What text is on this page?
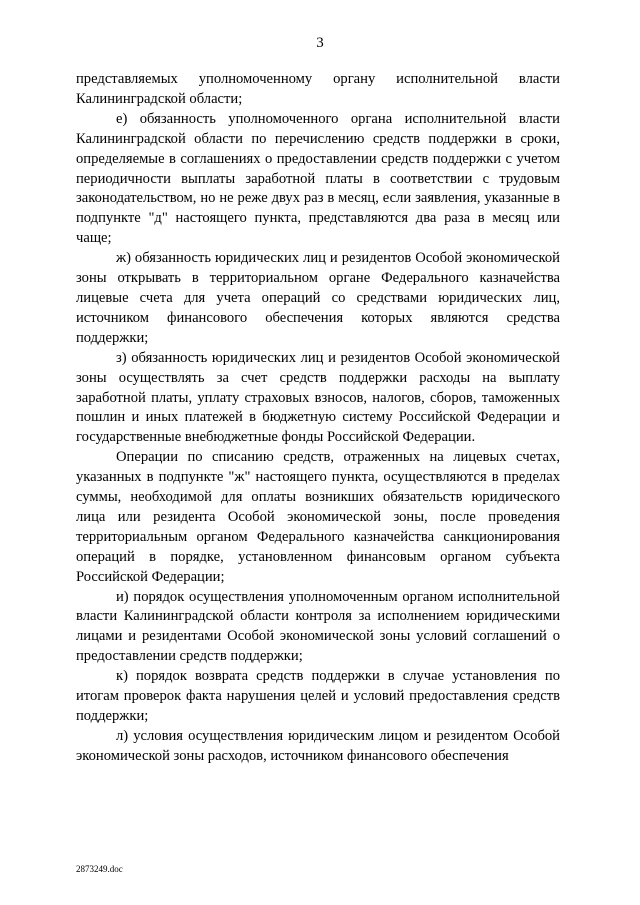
3

представляемых уполномоченному органу исполнительной власти Калининградской области;

е) обязанность уполномоченного органа исполнительной власти Калининградской области по перечислению средств поддержки в сроки, определяемые в соглашениях о предоставлении средств поддержки с учетом периодичности выплаты заработной платы в соответствии с трудовым законодательством, но не реже двух раз в месяц, если заявления, указанные в подпункте "д" настоящего пункта, представляются два раза в месяц или чаще;

ж) обязанность юридических лиц и резидентов Особой экономической зоны открывать в территориальном органе Федерального казначейства лицевые счета для учета операций со средствами юридических лиц, источником финансового обеспечения которых являются средства поддержки;

з) обязанность юридических лиц и резидентов Особой экономической зоны осуществлять за счет средств поддержки расходы на выплату заработной платы, уплату страховых взносов, налогов, сборов, таможенных пошлин и иных платежей в бюджетную систему Российской Федерации и государственные внебюджетные фонды Российской Федерации.

Операции по списанию средств, отраженных на лицевых счетах, указанных в подпункте "ж" настоящего пункта, осуществляются в пределах суммы, необходимой для оплаты возникших обязательств юридического лица или резидента Особой экономической зоны, после проведения территориальным органом Федерального казначейства санкционирования операций в порядке, установленном финансовым органом субъекта Российской Федерации;

и) порядок осуществления уполномоченным органом исполнительной власти Калининградской области контроля за исполнением юридическими лицами и резидентами Особой экономической зоны условий соглашений о предоставлении средств поддержки;

к) порядок возврата средств поддержки в случае установления по итогам проверок факта нарушения целей и условий предоставления средств поддержки;

л) условия осуществления юридическим лицом и резидентом Особой экономической зоны расходов, источником финансового обеспечения

2873249.doc
